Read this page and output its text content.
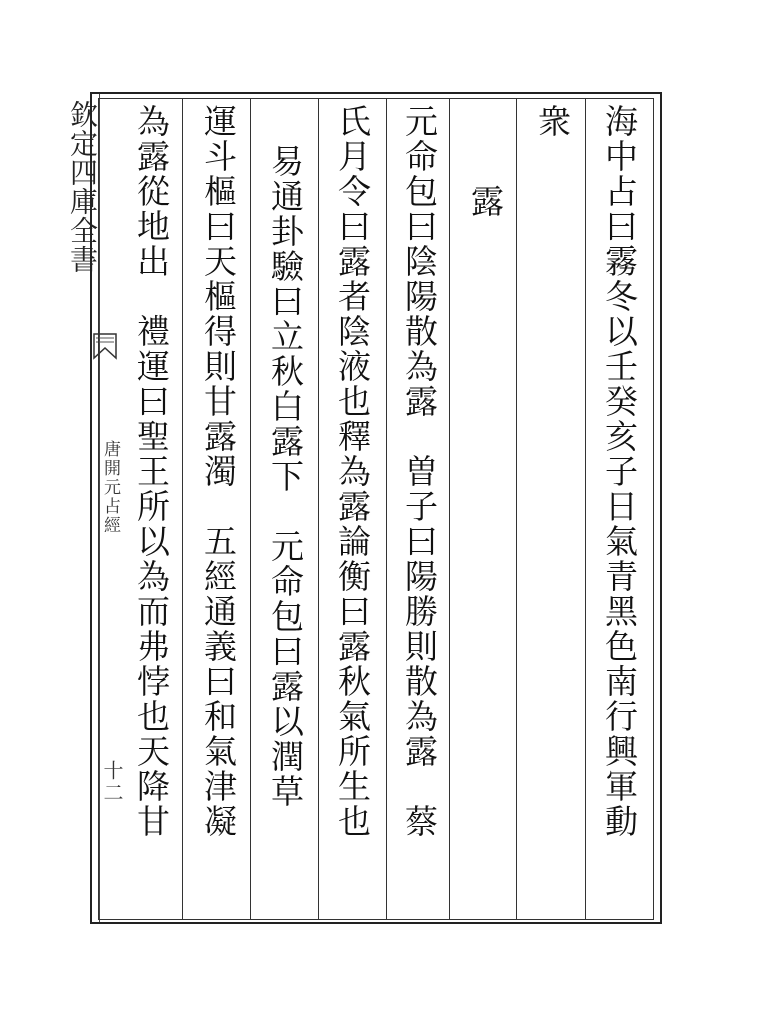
欽定四庫全書
唐開元占經
十二	海中占曰霧冬以壬癸亥子日氣青黑色南行興軍動
衆
露
元命包曰陰陽散為露　曽子曰陽勝則散為露　蔡
氏月令曰露者陰液也釋為露論衡曰露秋氣所生也
易通卦驗曰立秋白露下　元命包曰露以潤草
運斗樞曰天樞得則甘露濁　五經通義曰和氣津凝
為露從地出　禮運曰聖王所以為而弗悖也天降甘
